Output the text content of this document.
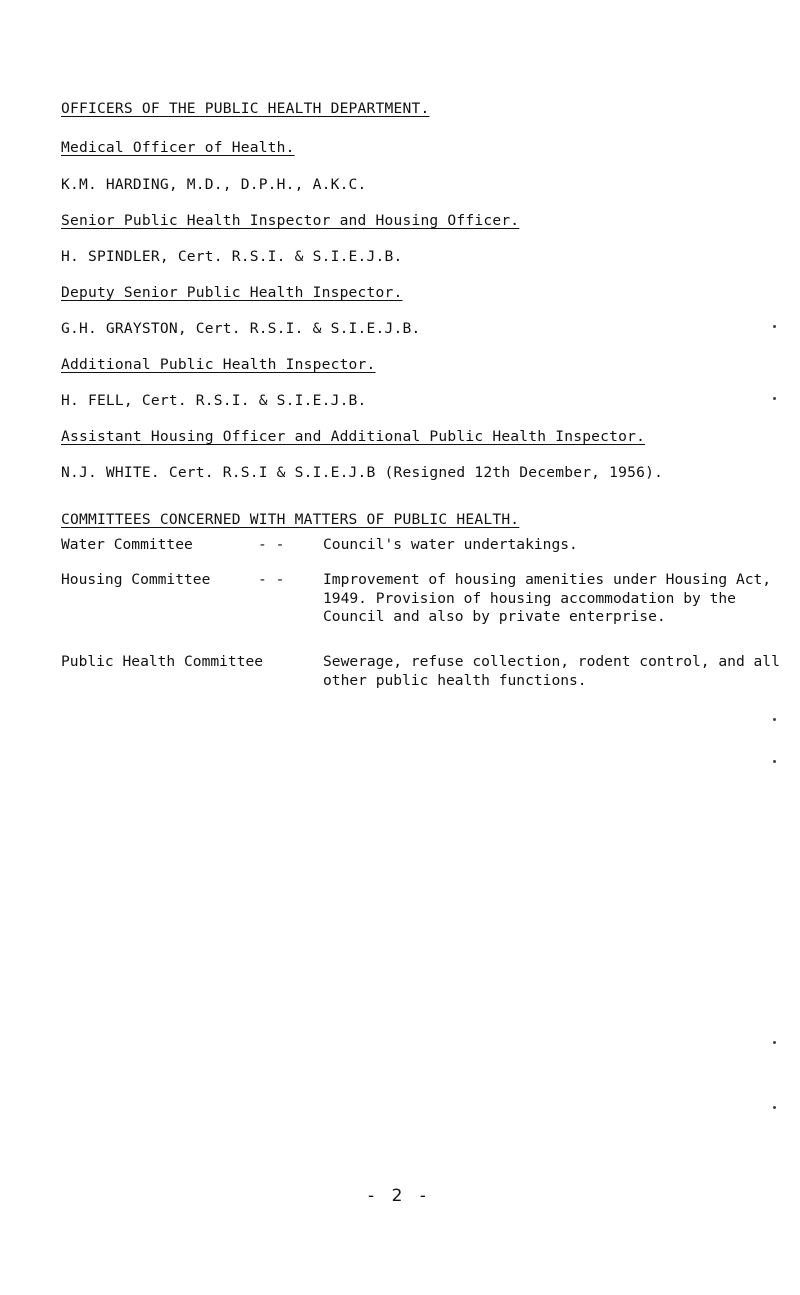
OFFICERS OF THE PUBLIC HEALTH DEPARTMENT.
Medical Officer of Health.
K.M. HARDING, M.D., D.P.H., A.K.C.
Senior Public Health Inspector and Housing Officer.
H. SPINDLER, Cert. R.S.I. & S.I.E.J.B.
Deputy Senior Public Health Inspector.
G.H. GRAYSTON, Cert. R.S.I. & S.I.E.J.B.
Additional Public Health Inspector.
H. FELL, Cert. R.S.I. & S.I.E.J.B.
Assistant Housing Officer and Additional Public Health Inspector.
N.J. WHITE. Cert. R.S.I & S.I.E.J.B (Resigned 12th December, 1956).
COMMITTEES CONCERNED WITH MATTERS OF PUBLIC HEALTH.
Water Committee	- -	Council's water undertakings.
Housing Committee	- -	Improvement of housing amenities under Housing Act, 1949. Provision of housing accommodation by the Council and also by private enterprise.
Public Health Committee	Sewerage, refuse collection, rodent control, and all other public health functions.
- 2 -
